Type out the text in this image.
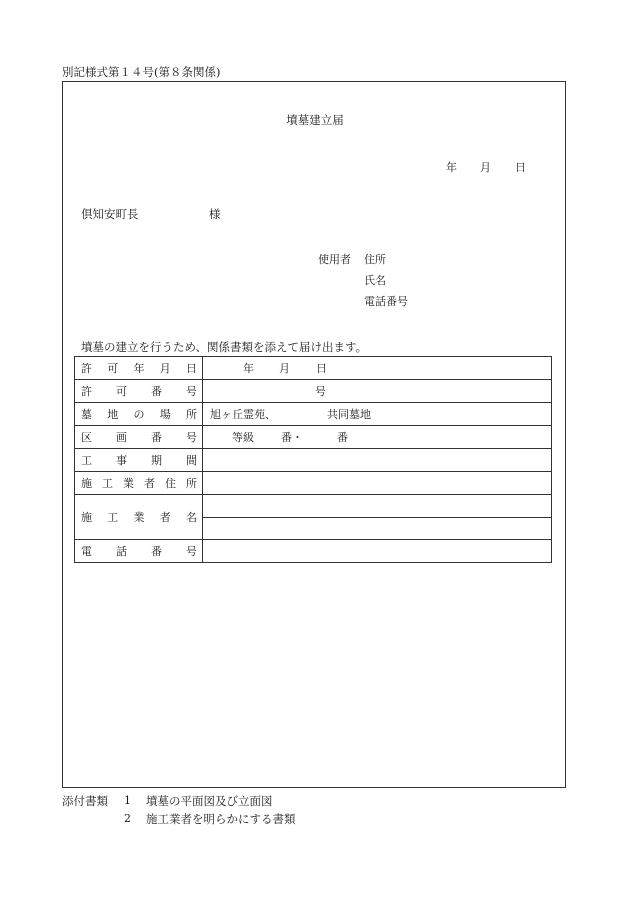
別記様式第１４号(第８条関係)
墳墓建立届
年 月 日
倶知安町長	様
使用者 住所
氏名
電話番号
墳墓の建立を行うため、関係書類を添えて届け出ます。
許可年月日	年 月 日

許可番号	号

墓地の場所	旭ヶ丘霊苑、 共同墓地

区画番号	等級 番・ 番

工事期間	
施工業者住所	
施工業者名	

電話番号	
添付書類 1 墳墓の平面図及び立面図
2 施工業者を明らかにする書類
